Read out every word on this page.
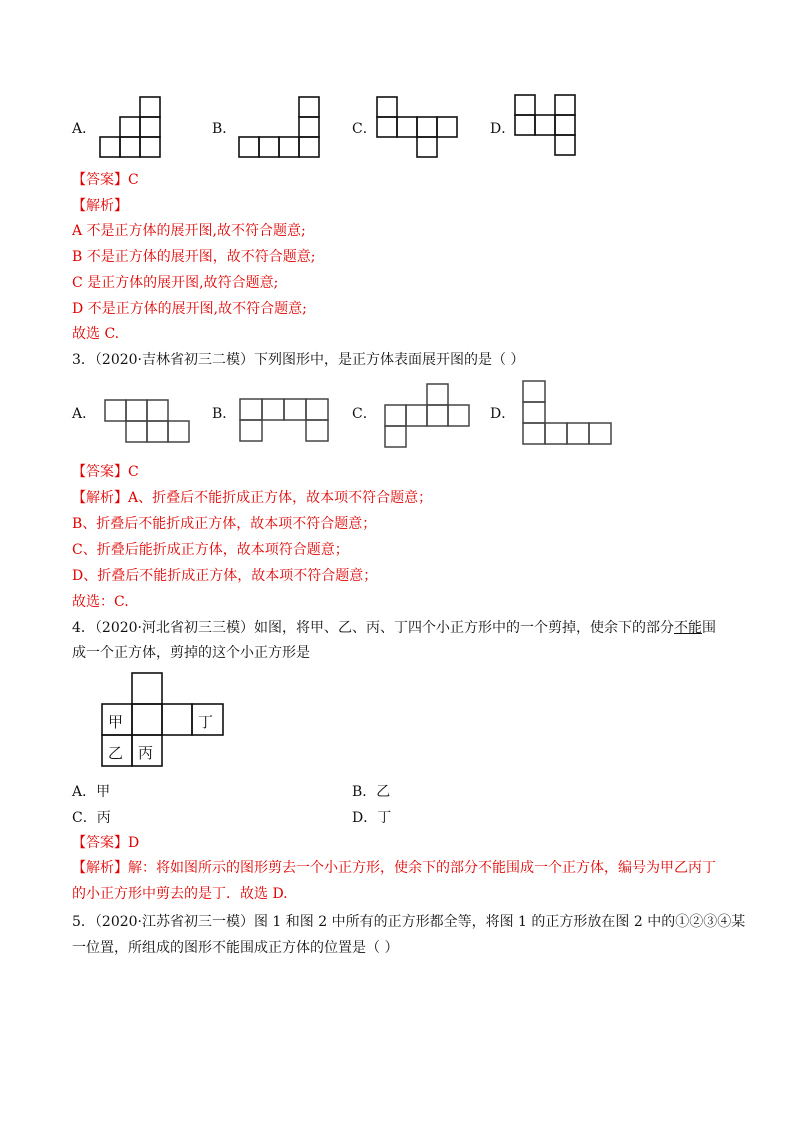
A．	B．	C．	D．
【答案】C
【解析】
A 不是正方体的展开图,故不符合题意;
B 不是正方体的展开图，故不符合题意;
C 是正方体的展开图,故符合题意;
D 不是正方体的展开图,故不符合题意;
故选 C.
3．（2020·吉林省初三二模）下列图形中，是正方体表面展开图的是（ ）
A．	B．	C．	D．
【答案】C
【解析】A、折叠后不能折成正方体，故本项不符合题意；
B、折叠后不能折成正方体，故本项不符合题意；
C、折叠后能折成正方体，故本项符合题意；
D、折叠后不能折成正方体，故本项不符合题意；
故选：C.
4．（2020·河北省初三三模）如图，将甲、乙、丙、丁四个小正方形中的一个剪掉，使余下的部分不能围
成一个正方体，剪掉的这个小正方形是
甲	丁
乙 丙
A．甲	B．乙
C．丙	D．丁
【答案】D
【解析】解：将如图所示的图形剪去一个小正方形，使余下的部分不能围成一个正方体，编号为甲乙丙丁
的小正方形中剪去的是丁．故选 D.
5．（2020·江苏省初三一模）图 1 和图 2 中所有的正方形都全等，将图 1 的正方形放在图 2 中的①②③④某
一位置，所组成的图形不能围成正方体的位置是（ ）
